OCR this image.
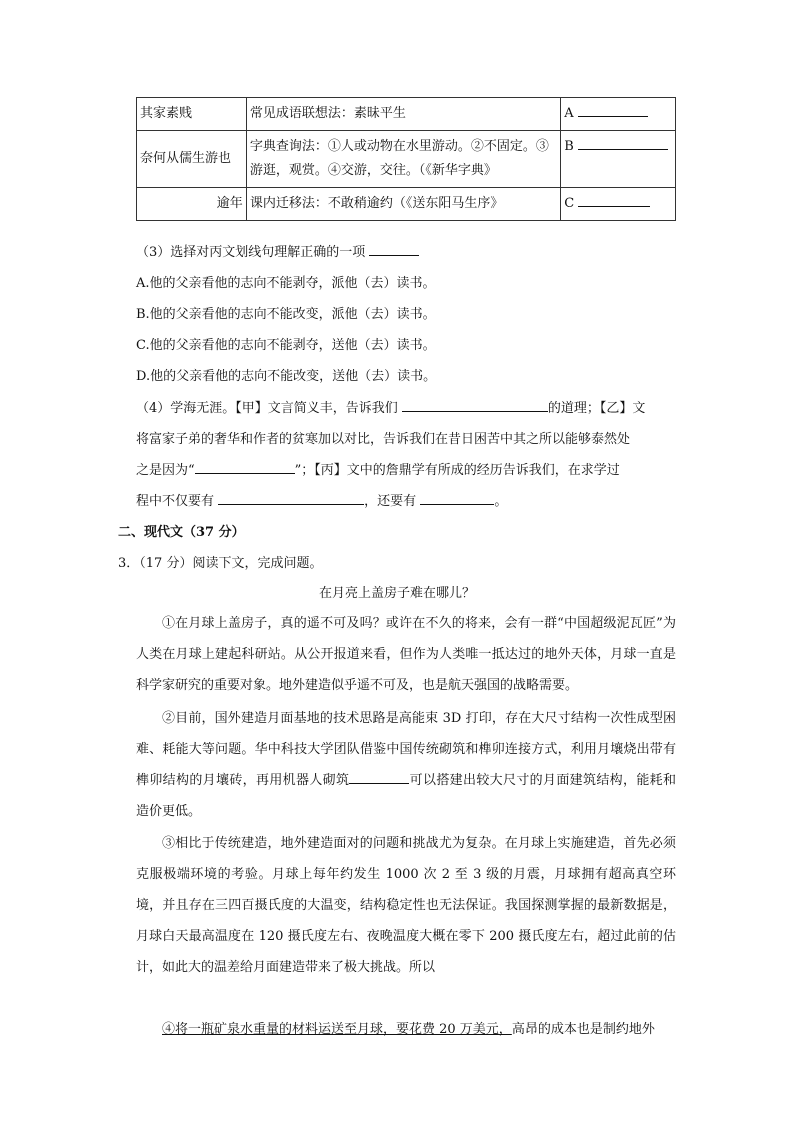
其家素贱	常见成语联想法：素昧平生	A
奈何从儒生游也	字典查询法：①人或动物在水里游动。②不固定。③游逛，观赏。④交游，交往。（《新华字典》	B
逾年	课内迁移法：不敢稍逾约（《送东阳马生序》	C
（3）选择对丙文划线句理解正确的一项
A.他的父亲看他的志向不能剥夺，派他（去）读书。
B.他的父亲看他的志向不能改变，派他（去）读书。
C.他的父亲看他的志向不能剥夺，送他（去）读书。
D.他的父亲看他的志向不能改变，送他（去）读书。
（4）学海无涯。【甲】文言简义丰，告诉我们	的道理；【乙】文
将富家子弟的奢华和作者的贫寒加以对比，告诉我们在昔日困苦中其之所以能够泰然处
之是因为“	”；【丙】文中的詹鼎学有所成的经历告诉我们，在求学过
程中不仅要有	，还要有	。
二、现代文（37 分）
3．（17 分）阅读下文，完成问题。
在月亮上盖房子难在哪儿？
①在月球上盖房子，真的遥不可及吗？或许在不久的将来，会有一群“中国超级泥瓦匠”为人类在月球上建起科研站。从公开报道来看，但作为人类唯一抵达过的地外天体，月球一直是科学家研究的重要对象。地外建造似乎遥不可及，也是航天强国的战略需要。
②目前，国外建造月面基地的技术思路是高能束 3D 打印，存在大尺寸结构一次性成型困难、耗能大等问题。华中科技大学团队借鉴中国传统砌筑和榫卯连接方式，利用月壤烧出带有榫卯结构的月壤砖，再用机器人砌筑	可以搭建出较大尺寸的月面建筑结构，能耗和造价更低。
③相比于传统建造，地外建造面对的问题和挑战尤为复杂。在月球上实施建造，首先必须克服极端环境的考验。月球上每年约发生 1000 次 2 至 3 级的月震，月球拥有超高真空环境，并且存在三四百摄氏度的大温变，结构稳定性也无法保证。我国探测掌握的最新数据是，月球白天最高温度在 120 摄氏度左右、夜晚温度大概在零下 200 摄氏度左右，超过此前的估计，如此大的温差给月面建造带来了极大挑战。所以
④将一瓶矿泉水重量的材料运送至月球，要花费 20 万美元，高昂的成本也是制约地外
